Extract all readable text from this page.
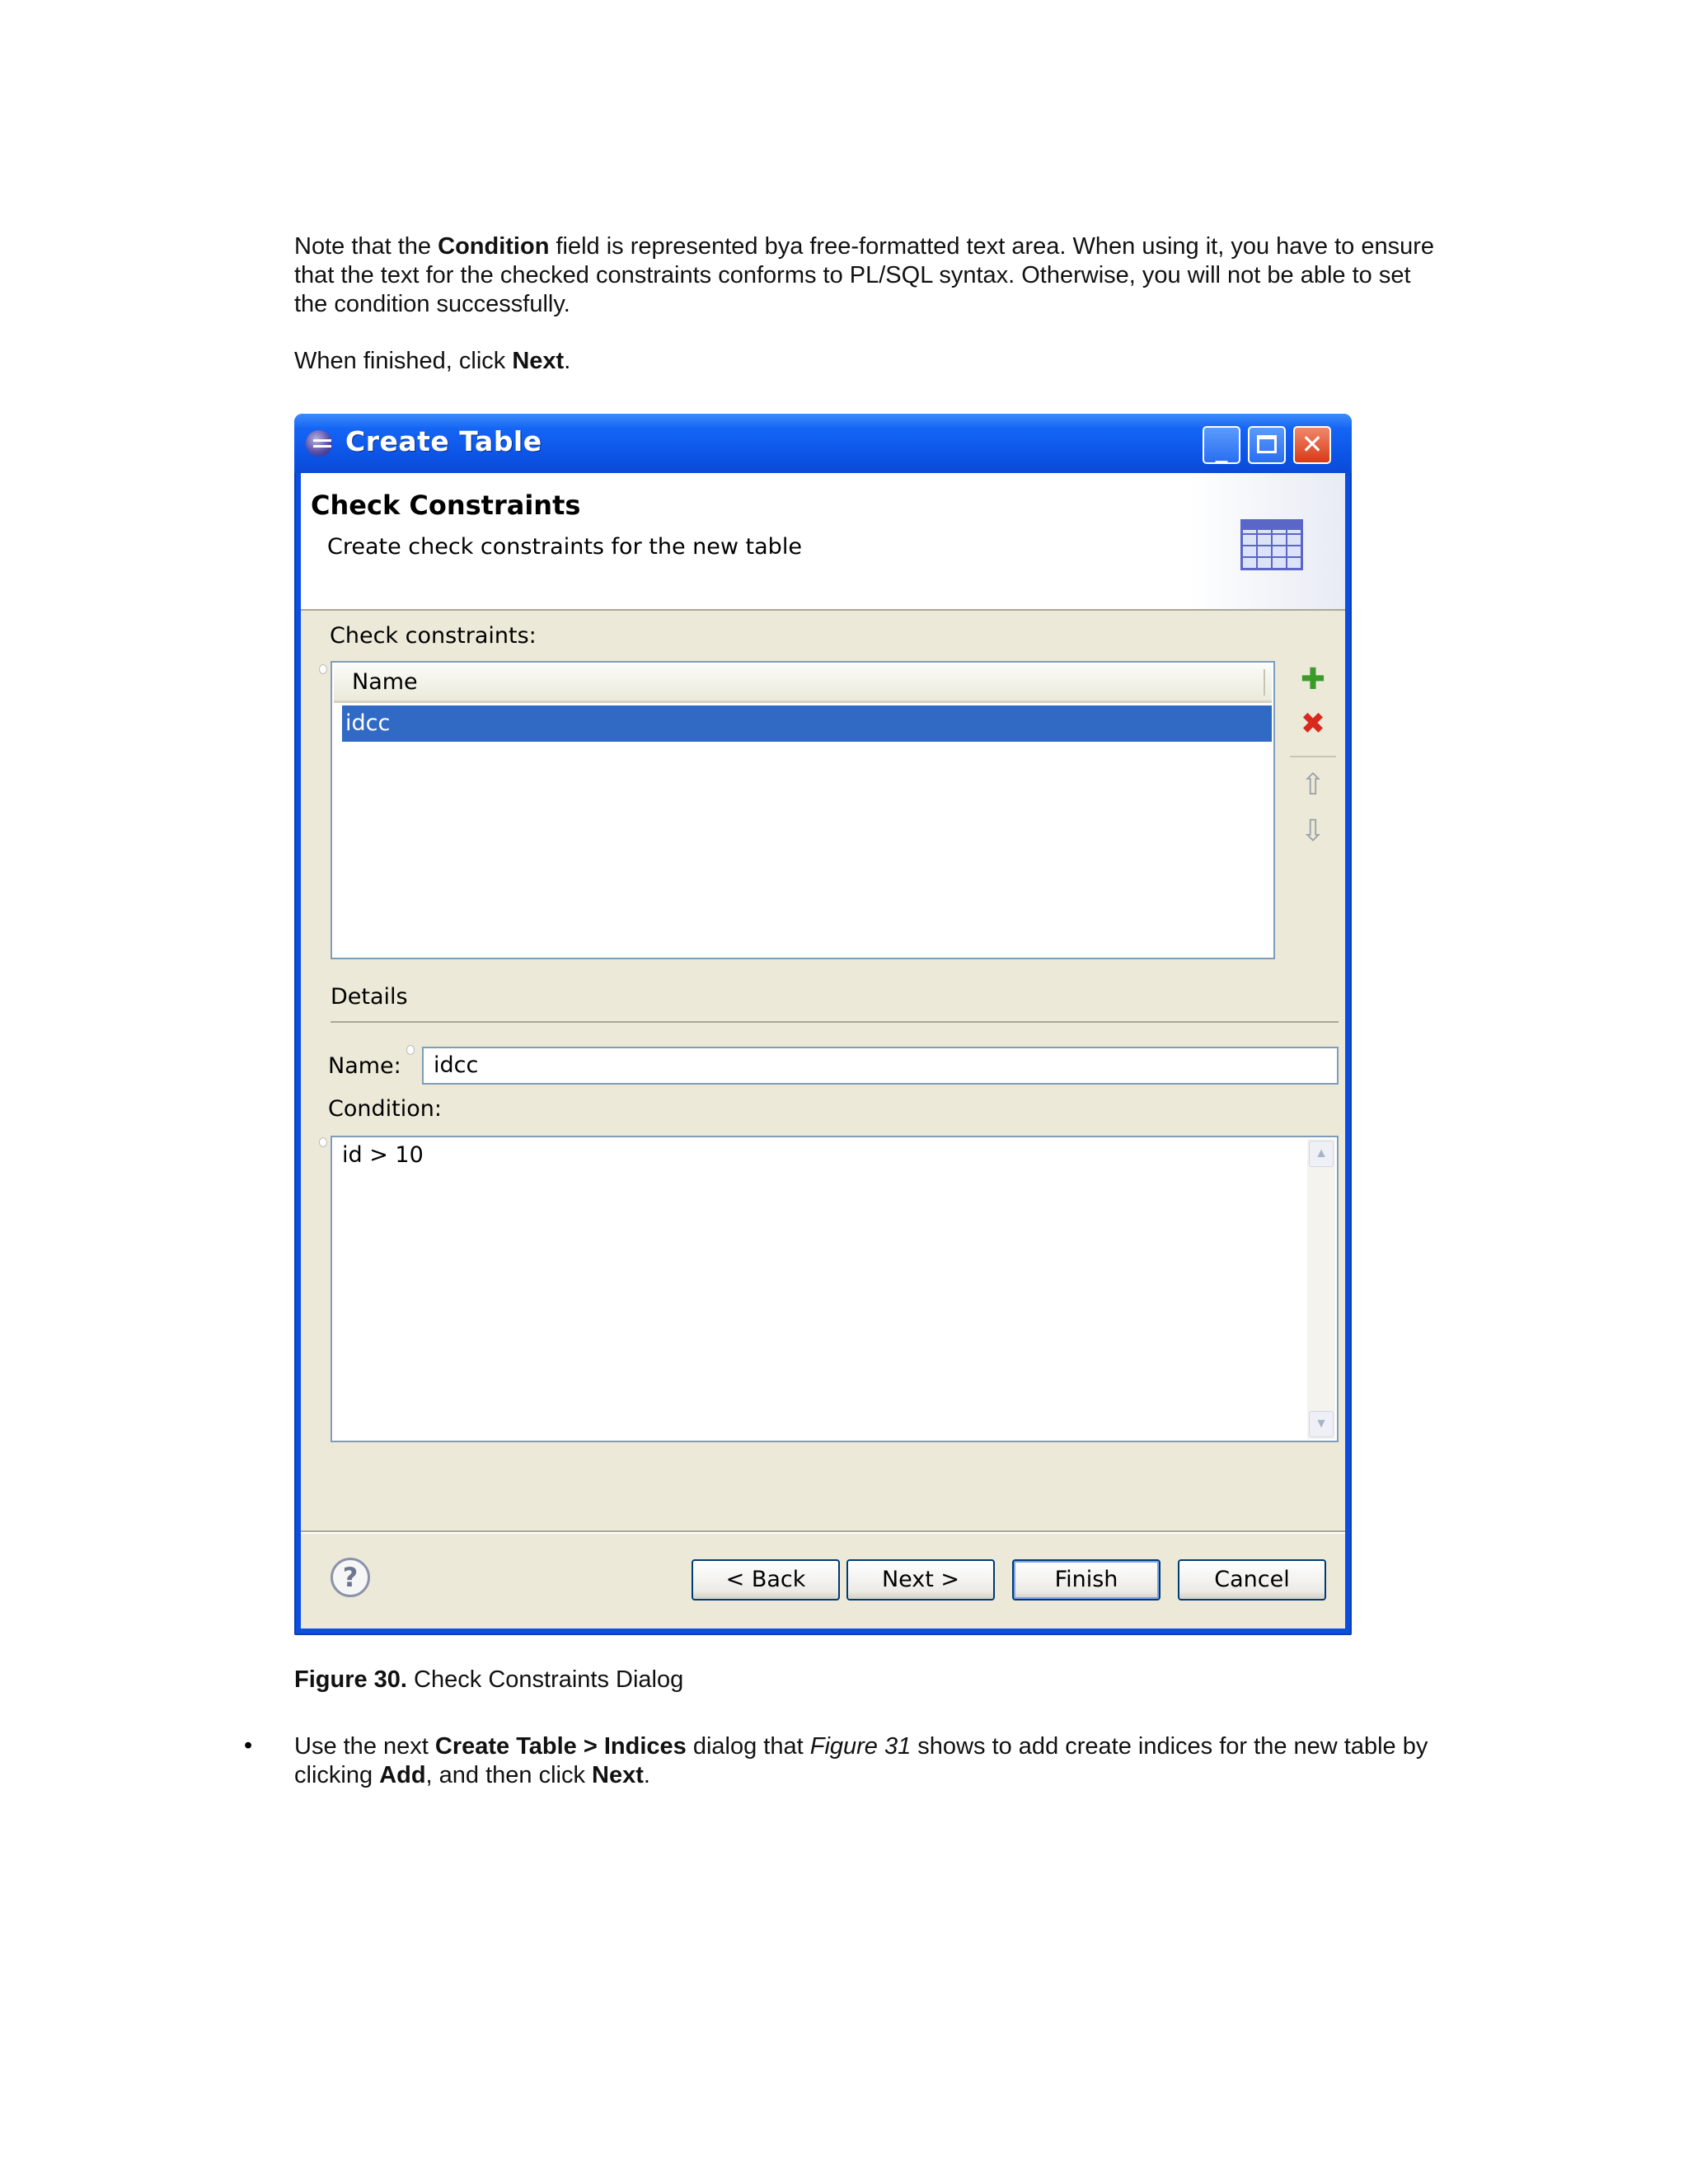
Note that the Condition field is represented bya free-formatted text area. When using it, you have to ensure
that the text for the checked constraints conforms to PL/SQL syntax. Otherwise, you will not be able to set
the condition successfully.
When finished, click Next.
Create Table	_	✕
Check Constraints
Create check constraints for the new table
Check constraints:
Name
idcc
✚
✖
⇧
⇩
Details
Name:	idcc
Condition:
id > 10	▲
▼
?	< Back	Next >	Finish	Cancel
Figure 30. Check Constraints Dialog
• Use the next Create Table > Indices dialog that Figure 31 shows to add create indices for the new table by
clicking Add, and then click Next.
